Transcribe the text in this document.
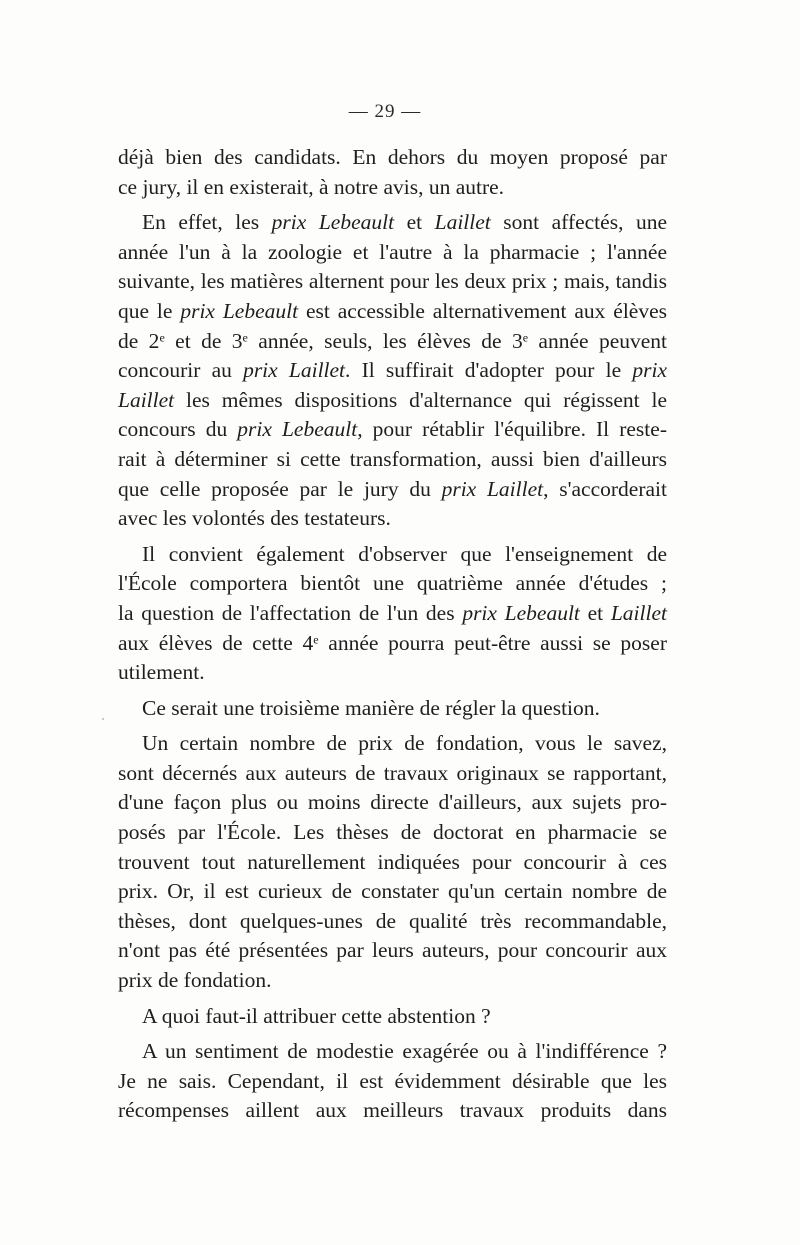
— 29 —
déjà bien des candidats. En dehors du moyen proposé par
ce jury, il en existerait, à notre avis, un autre.
En effet, les prix Lebeault et Laillet sont affectés, une
année l'un à la zoologie et l'autre à la pharmacie ; l'année
suivante, les matières alternent pour les deux prix ; mais, tandis
que le prix Lebeault est accessible alternativement aux élèves
de 2e et de 3e année, seuls, les élèves de 3e année peuvent
concourir au prix Laillet. Il suffirait d'adopter pour le prix
Laillet les mêmes dispositions d'alternance qui régissent le
concours du prix Lebeault, pour rétablir l'équilibre. Il reste-
rait à déterminer si cette transformation, aussi bien d'ailleurs
que celle proposée par le jury du prix Laillet, s'accorderait
avec les volontés des testateurs.
Il convient également d'observer que l'enseignement de
l'École comportera bientôt une quatrième année d'études ;
la question de l'affectation de l'un des prix Lebeault et Laillet
aux élèves de cette 4e année pourra peut-être aussi se poser
utilement.
Ce serait une troisième manière de régler la question.
Un certain nombre de prix de fondation, vous le savez,
sont décernés aux auteurs de travaux originaux se rapportant,
d'une façon plus ou moins directe d'ailleurs, aux sujets pro-
posés par l'École. Les thèses de doctorat en pharmacie se
trouvent tout naturellement indiquées pour concourir à ces
prix. Or, il est curieux de constater qu'un certain nombre de
thèses, dont quelques-unes de qualité très recommandable,
n'ont pas été présentées par leurs auteurs, pour concourir aux
prix de fondation.
A quoi faut-il attribuer cette abstention ?
A un sentiment de modestie exagérée ou à l'indifférence ?
Je ne sais. Cependant, il est évidemment désirable que les
récompenses aillent aux meilleurs travaux produits dans
